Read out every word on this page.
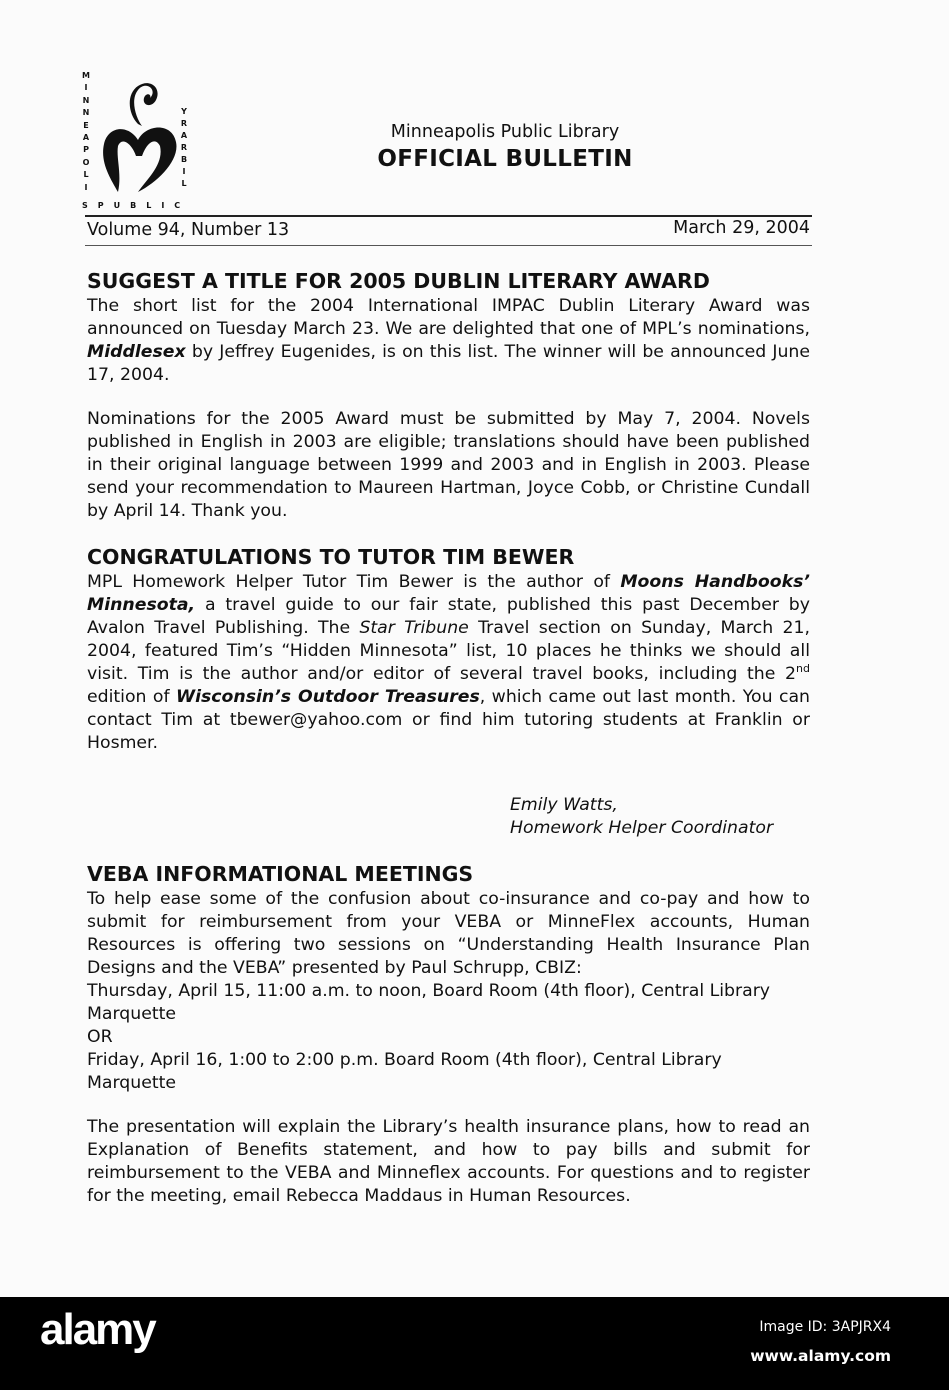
M
I
N
N
E
A
P
O
L
I
SPUBLIC
Y
R
A
R
B
I
L
Minneapolis Public Library
OFFICIAL BULLETIN
Volume 94, Number 13	March 29, 2004
SUGGEST A TITLE FOR 2005 DUBLIN LITERARY AWARD

The short list for the 2004 International IMPAC Dublin Literary Award was announced on Tuesday March 23. We are delighted that one of MPL’s nominations, Middlesex by Jeffrey Eugenides, is on this list. The winner will be announced June 17, 2004.

Nominations for the 2005 Award must be submitted by May 7, 2004. Novels published in English in 2003 are eligible; translations should have been published in their original language between 1999 and 2003 and in English in 2003. Please send your recommendation to Maureen Hartman, Joyce Cobb, or Christine Cundall by April 14. Thank you.

CONGRATULATIONS TO TUTOR TIM BEWER

MPL Homework Helper Tutor Tim Bewer is the author of Moons Handbooks’ Minnesota, a travel guide to our fair state, published this past December by Avalon Travel Publishing. The Star Tribune Travel section on Sunday, March 21, 2004, featured Tim’s “Hidden Minnesota” list, 10 places he thinks we should all visit. Tim is the author and/or editor of several travel books, including the 2nd edition of Wisconsin’s Outdoor Treasures, which came out last month. You can contact Tim at tbewer@yahoo.com or find him tutoring students at Franklin or Hosmer.

Emily Watts,
Homework Helper Coordinator
VEBA INFORMATIONAL MEETINGS

To help ease some of the confusion about co-insurance and co-pay and how to submit for reimbursement from your VEBA or MinneFlex accounts, Human Resources is offering two sessions on “Understanding Health Insurance Plan Designs and the VEBA” presented by Paul Schrupp, CBIZ:

Thursday, April 15, 11:00 a.m. to noon, Board Room (4th floor), Central Library Marquette

OR

Friday, April 16, 1:00 to 2:00 p.m. Board Room (4th floor), Central Library Marquette

The presentation will explain the Library’s health insurance plans, how to read an Explanation of Benefits statement, and how to pay bills and submit for reimbursement to the VEBA and Minneflex accounts. For questions and to register for the meeting, email Rebecca Maddaus in Human Resources.

alamy	Image ID: 3APJRX4
www.alamy.com
